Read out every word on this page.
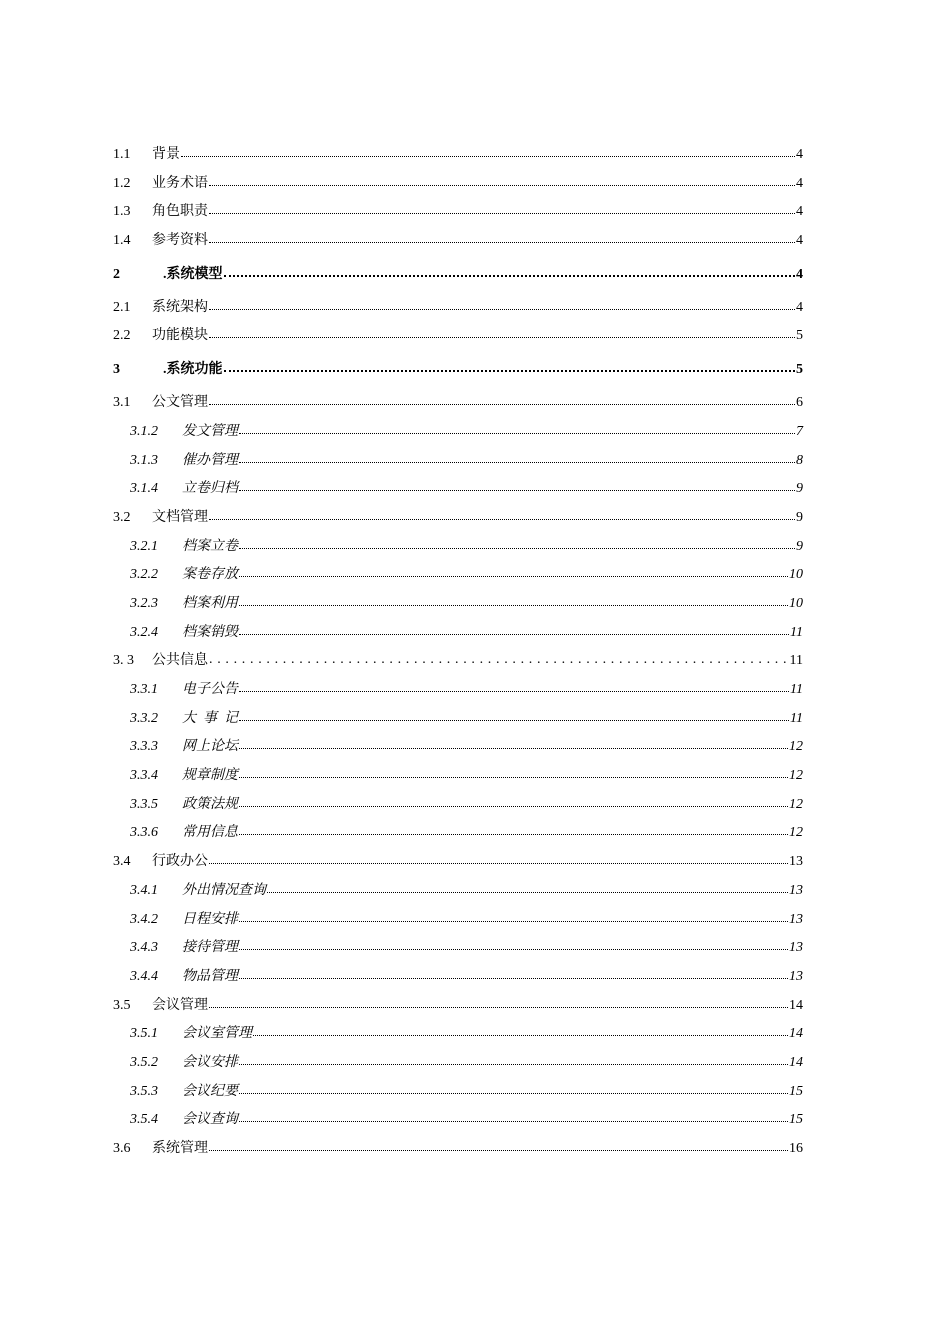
1.1	背景	4
1.2	业务术语	4
1.3	角色职责	4
1.4	参考资料	4
2	.系统模型	4
2.1	系统架构	4
2.2	功能模块	5
3	.系统功能	5
3.1	公文管理	6
3.1.2	发文管理	7
3.1.3	催办管理	8
3.1.4	立卷归档	9
3.2	文档管理	9
3.2.1	档案立卷	9
3.2.2	案卷存放	10
3.2.3	档案利用	10
3.2.4	档案销毁	11
3. 3	公共信息
. . .	11
3.3.1	电子公告	11
3.3.2	大  事  记	11
3.3.3	网上论坛	12
3.3.4	规章制度	12
3.3.5	政策法规	12
3.3.6	常用信息	12
3.4	行政办公	13
3.4.1	外出情况查询	13
3.4.2	日程安排	13
3.4.3	接待管理	13
3.4.4	物品管理	13
3.5	会议管理	14
3.5.1	会议室管理	14
3.5.2	会议安排	14
3.5.3	会议纪要	15
3.5.4	会议查询	15
3.6	系统管理	16
